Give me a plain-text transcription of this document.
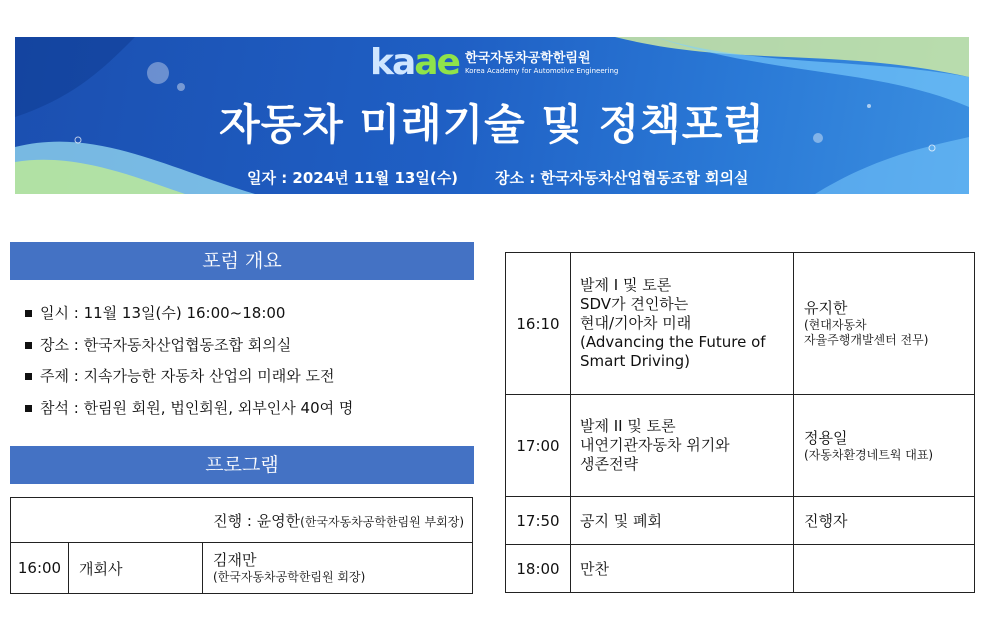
kaae 한국자동차공학한림원
Korea Academy for Automotive Engineering
자동차 미래기술 및 정책포럼
일자 : 2024년 11월 13일(수) 장소 : 한국자동차산업협동조합 회의실
포럼 개요
일시 : 11월 13일(수) 16:00~18:00
장소 : 한국자동차산업협동조합 회의실
주제 : 지속가능한 자동차 산업의 미래와 도전
참석 : 한림원 회원, 법인회원, 외부인사 40여 명
프로그램
진행 : 윤영한(한국자동차공학한림원 부회장)
16:00	개회사	김재만
(한국자동차공학한림원 회장)
16:10	발제 I 및 토론
SDV가 견인하는
현대/기아차 미래
(Advancing the Future of
Smart Driving)	유지한
(현대자동차
자율주행개발센터 전무)

17:00	발제 II 및 토론
내연기관자동차 위기와
생존전략	정용일
(자동차환경네트웍 대표)

17:50	공지 및 폐회	진행자
18:00	만찬	
